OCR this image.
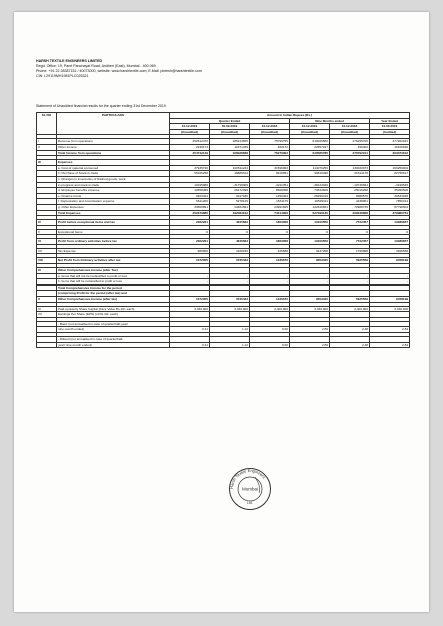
HARSH TEXTILE ENGINEERS LIMITED
Regd. Office: 19, Parel Panchayat Road, Andheri (East), Mumbai - 400 069.
Phone: +91 22 28387151 / 40073000, website: www.harshtextile.com; E.Mail: pintesh@harshtextile.com
CIN: L29119MH1981PLC025321
Statement of Unaudited financial results for the quarter ending 31st December 2019
SL NO	PARTICULARS	Amount in Indian Rupees (Rs.)					
		Quarter Ended			Nine Months ended		Year Ended
		31.12.2019	30.09.2019	31.12.2018	31.12.2019	31.12.2018	31.03.2019
		(Unaudited)	(Unaudited)	(Unaudited)	(Unaudited)	(Unaudited)	(Audited)

I	Revenue from operations	252512470	185213605	75796755	610026560	276295700	377262921
II	Other Income	2230173	11671339	480172	22557227	496402	16109690
	Total Income from operations	254742149	196928838	76276902	640585785	276792101	393373613

III	Expenses						
	a. Cost of material consumed	37935746	100511244	31596063	114070250	130020073	169259004
	b. Purchase of Stock-in-trade	55166258	18886614	9919851	90819498	31544178	82750617
	c. Changes in inventories of finished goods, work-						
	in-progress and stock-in-trade	10195086	-31799009	-3211351	-38123046	-10739664	-3199545
	d. Employee benefits expense	10658459	26472396	8508358	73643609	25016268	35050506
	e. Finance Costs	9463424	3247036	1450404	28296419	8988576	30533048
	f. Depreciation and Amortisation expense	5611200	5278129	1531175	16529311	4238061	7850314
	g. Other Expenses	33569891	44481691	23991695	122340651	72988735	87798604
	Total Expenses	252379880	192083102	74414906	627496135	269048868	379986764

IV	Profit before exceptional items and tax	2362261	4845663	1863008	13100550	7722457	13386857

V	Exceptional Items	0	0	0	0	0	0

VI	Profit from ordinary activities before tax	2362261	4845663	1863008	13100550	7722457	13386857

VII	Tax Expense	989906	1108230	425838	3447208	1796898	3928658

VIII	Net Profit from Ordinary activities after tax	1372355	3735433	1436670	9653345	5925559	9458199

IX	Other Comprehensive Income (after Tax)						
	a. Items that will not be reclassified to profit or loss	-	-	-	-	-	-
	b. Items that will be reclassified to profit or loss	-	-	-	-	-	-

	Total Comprehensive Income for the period						
	(comprising Profit for the period (after tax) and						
X	Other Comprehensive Income (after tax)	1372355	3735433	1436670	9653345	5925559	9458199

XI	Paid-up Equity Share Capital (Face Value Rs.10/- each)	3,336,000	3,336,000	2,400,000	3,336,000	2,400,000	3,336,000
XII	Earnings Per Share (EPS) (of Rs.10/- each)						

	- Basic (not annualised in case of quarter/half-year/						
	nine-month ended)	0.41	1.12	0.60	2.89	2.48	2.84

	- Diluted (not annualised in case of quarter/half-						
	year/ nine-month ended)	0.41	1.12	0.60	2.89	2.48	2.84
Harsh Textile Engineers
Mumbai
Ltd.
